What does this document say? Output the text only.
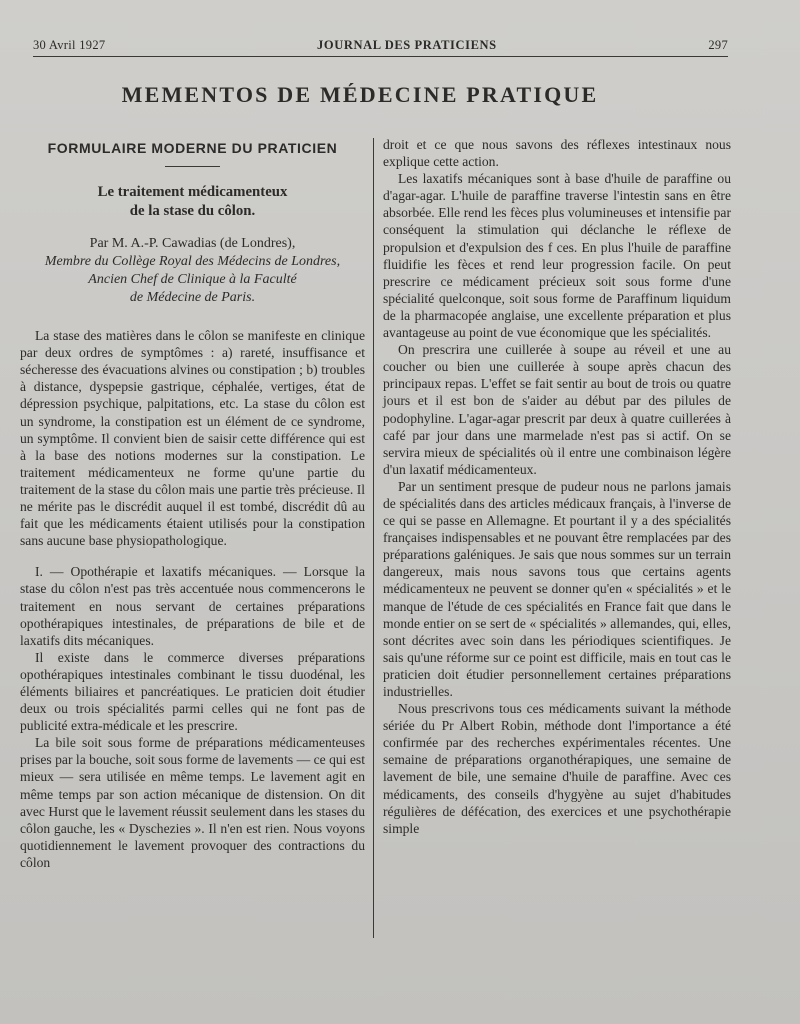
30 Avril 1927	JOURNAL DES PRATICIENS	297
MEMENTOS DE MÉDECINE PRATIQUE
FORMULAIRE MODERNE DU PRATICIEN
Le traitement médicamenteux
de la stase du côlon.

Par M. A.-P. Cawadias (de Londres),

Membre du Collège Royal des Médecins de Londres,

Ancien Chef de Clinique à la Faculté

de Médecine de Paris.

La stase des matières dans le côlon se manifeste en clinique par deux ordres de symptômes : a) rareté, insuffisance et sécheresse des évacuations alvines ou constipation ; b) troubles à distance, dyspepsie gastrique, céphalée, vertiges, état de dépression psychique, palpitations, etc. La stase du côlon est un syndrome, la constipation est un élément de ce syndrome, un symptôme. Il convient bien de saisir cette différence qui est à la base des notions modernes sur la constipation. Le traitement médicamenteux ne forme qu'une partie du traitement de la stase du côlon mais une partie très précieuse. Il ne mérite pas le discrédit auquel il est tombé, discrédit dû au fait que les médicaments étaient utilisés pour la constipation sans aucune base physiopathologique.

I. — Opothérapie et laxatifs mécaniques. — Lorsque la stase du côlon n'est pas très accentuée nous commencerons le traitement en nous servant de certaines préparations opothérapiques intestinales, de préparations de bile et de laxatifs dits mécaniques.

Il existe dans le commerce diverses préparations opothérapiques intestinales combinant le tissu duodénal, les éléments biliaires et pancréatiques. Le praticien doit étudier deux ou trois spécialités parmi celles qui ne font pas de publicité extra-médicale et les prescrire.

La bile soit sous forme de préparations médicamenteuses prises par la bouche, soit sous forme de lavements — ce qui est mieux — sera utilisée en même temps. Le lavement agit en même temps par son action mécanique de distension. On dit avec Hurst que le lavement réussit seulement dans les stases du côlon gauche, les « Dyschezies ». Il n'en est rien. Nous voyons quotidiennement le lavement provoquer des contractions du côlon

droit et ce que nous savons des réflexes intestinaux nous explique cette action.

Les laxatifs mécaniques sont à base d'huile de paraffine ou d'agar-agar. L'huile de paraffine traverse l'intestin sans en être absorbée. Elle rend les fèces plus volumineuses et intensifie par conséquent la stimulation qui déclanche le réflexe de propulsion et d'expulsion des f ces. En plus l'huile de paraffine fluidifie les fèces et rend leur progression facile. On peut prescrire ce médicament précieux soit sous forme d'une spécialité quelconque, soit sous forme de Paraffinum liquidum de la pharmacopée anglaise, une excellente préparation et plus avantageuse au point de vue économique que les spécialités.

On prescrira une cuillerée à soupe au réveil et une au coucher ou bien une cuillerée à soupe après chacun des principaux repas. L'effet se fait sentir au bout de trois ou quatre jours et il est bon de s'aider au début par des pilules de podophyline. L'agar-agar prescrit par deux à quatre cuillerées à café par jour dans une marmelade n'est pas si actif. On se servira mieux de spécialités où il entre une combinaison légère d'un laxatif médicamenteux.

Par un sentiment presque de pudeur nous ne parlons jamais de spécialités dans des articles médicaux français, à l'inverse de ce qui se passe en Allemagne. Et pourtant il y a des spécialités françaises indispensables et ne pouvant être remplacées par des préparations galéniques. Je sais que nous sommes sur un terrain dangereux, mais nous savons tous que certains agents médicamenteux ne peuvent se donner qu'en « spécialités » et le manque de l'étude de ces spécialités en France fait que dans le monde entier on se sert de « spécialités » allemandes, qui, elles, sont décrites avec soin dans les périodiques scientifiques. Je sais qu'une réforme sur ce point est difficile, mais en tout cas le praticien doit étudier personnellement certaines préparations industrielles.

Nous prescrivons tous ces médicaments suivant la méthode sériée du Pr Albert Robin, méthode dont l'importance a été confirmée par des recherches expérimentales récentes. Une semaine de préparations organothérapiques, une semaine de lavement de bile, une semaine d'huile de paraffine. Avec ces médicaments, des conseils d'hygyène au sujet d'habitudes régulières de défécation, des exercices et une psychothérapie simple
